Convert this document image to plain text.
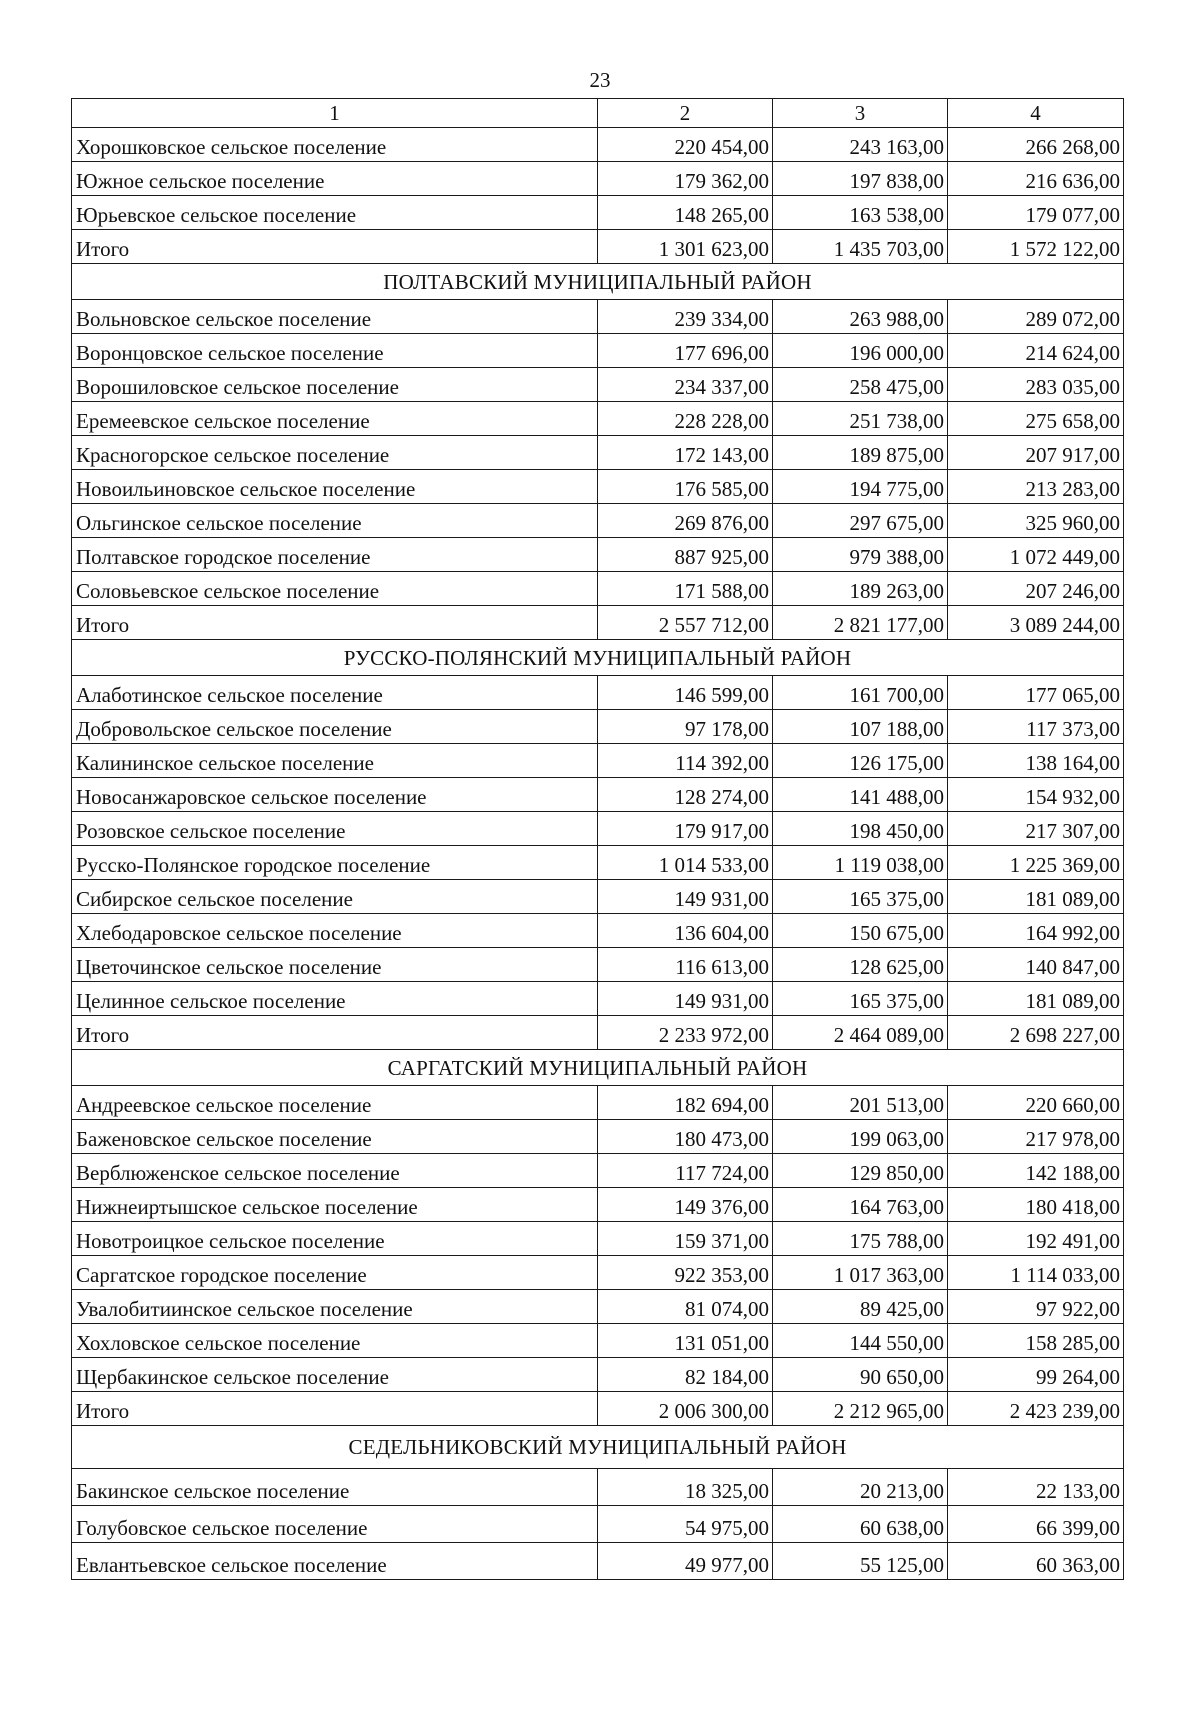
23
1	2	3	4
Хорошковское сельское поселение	220 454,00	243 163,00	266 268,00
Южное сельское поселение	179 362,00	197 838,00	216 636,00
Юрьевское сельское поселение	148 265,00	163 538,00	179 077,00
Итого	1 301 623,00	1 435 703,00	1 572 122,00
ПОЛТАВСКИЙ МУНИЦИПАЛЬНЫЙ РАЙОН			
Вольновское сельское поселение	239 334,00	263 988,00	289 072,00
Воронцовское сельское поселение	177 696,00	196 000,00	214 624,00
Ворошиловское сельское поселение	234 337,00	258 475,00	283 035,00
Еремеевское сельское поселение	228 228,00	251 738,00	275 658,00
Красногорское сельское поселение	172 143,00	189 875,00	207 917,00
Новоильиновское сельское поселение	176 585,00	194 775,00	213 283,00
Ольгинское сельское поселение	269 876,00	297 675,00	325 960,00
Полтавское городское поселение	887 925,00	979 388,00	1 072 449,00
Соловьевское сельское поселение	171 588,00	189 263,00	207 246,00
Итого	2 557 712,00	2 821 177,00	3 089 244,00
РУССКО-ПОЛЯНСКИЙ МУНИЦИПАЛЬНЫЙ РАЙОН			
Алаботинское сельское поселение	146 599,00	161 700,00	177 065,00
Добровольское сельское поселение	97 178,00	107 188,00	117 373,00
Калининское сельское поселение	114 392,00	126 175,00	138 164,00
Новосанжаровское сельское поселение	128 274,00	141 488,00	154 932,00
Розовское сельское поселение	179 917,00	198 450,00	217 307,00
Русско-Полянское городское поселение	1 014 533,00	1 119 038,00	1 225 369,00
Сибирское сельское поселение	149 931,00	165 375,00	181 089,00
Хлебодаровское сельское поселение	136 604,00	150 675,00	164 992,00
Цветочинское сельское поселение	116 613,00	128 625,00	140 847,00
Целинное сельское поселение	149 931,00	165 375,00	181 089,00
Итого	2 233 972,00	2 464 089,00	2 698 227,00
САРГАТСКИЙ МУНИЦИПАЛЬНЫЙ РАЙОН			
Андреевское сельское поселение	182 694,00	201 513,00	220 660,00
Баженовское сельское поселение	180 473,00	199 063,00	217 978,00
Верблюженское сельское поселение	117 724,00	129 850,00	142 188,00
Нижнеиртышское сельское поселение	149 376,00	164 763,00	180 418,00
Новотроицкое сельское поселение	159 371,00	175 788,00	192 491,00
Саргатское городское поселение	922 353,00	1 017 363,00	1 114 033,00
Увалобитиинское сельское поселение	81 074,00	89 425,00	97 922,00
Хохловское сельское поселение	131 051,00	144 550,00	158 285,00
Щербакинское сельское поселение	82 184,00	90 650,00	99 264,00
Итого	2 006 300,00	2 212 965,00	2 423 239,00
СЕДЕЛЬНИКОВСКИЙ МУНИЦИПАЛЬНЫЙ РАЙОН			
Бакинское сельское поселение	18 325,00	20 213,00	22 133,00
Голубовское сельское поселение	54 975,00	60 638,00	66 399,00
Евлантьевское сельское поселение	49 977,00	55 125,00	60 363,00
